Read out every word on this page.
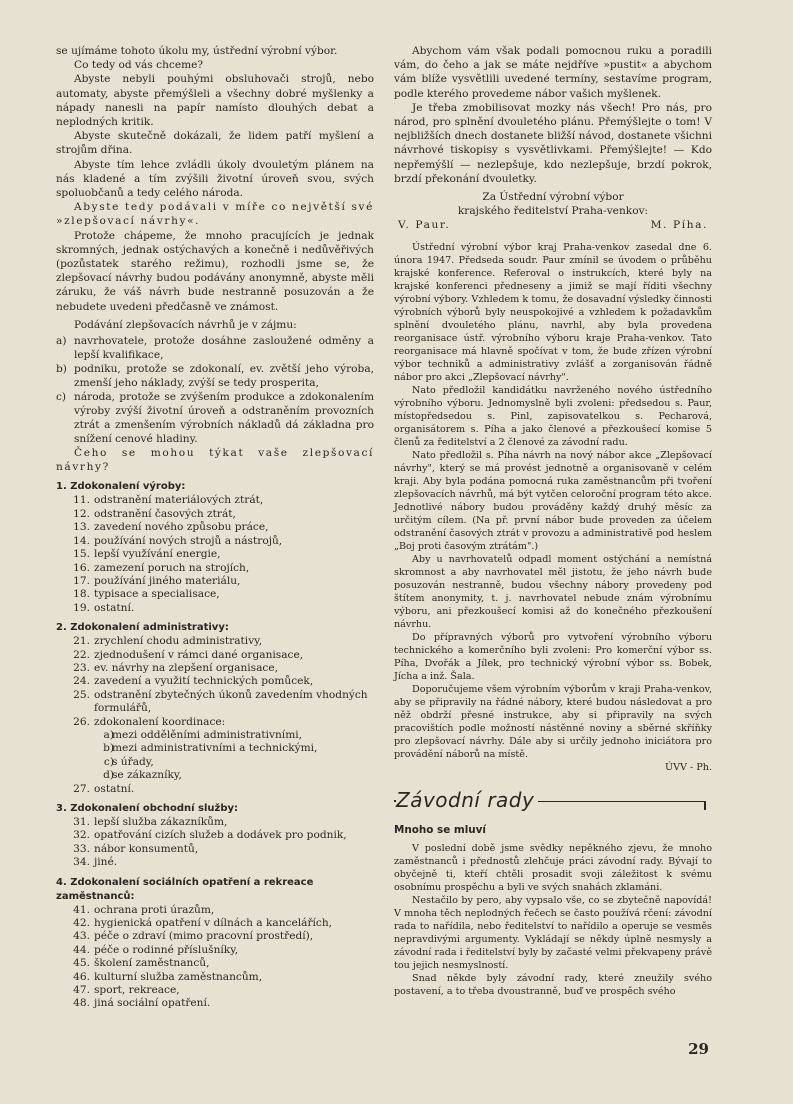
se ujímáme tohoto úkolu my, ústřední výrobní výbor.

Co tedy od vás chceme?

Abyste nebyli pouhými obsluhovači strojů, nebo automaty, abyste přemýšleli a všechny dobré myšlenky a nápady nanesli na papír namísto dlouhých debat a neplodných kritik.

Abyste skutečně dokázali, že lidem patří myšlení a strojům dřina.

Abyste tím lehce zvládli úkoly dvouletým plánem na nás kladené a tím zvýšili životní úroveň svou, svých spoluobčanů a tedy celého národa.

Abyste tedy podávali v míře co největší své »zlepšovací návrhy«.

Protože chápeme, že mnoho pracujících je jednak skromných, jednak ostýchavých a konečně i nedůvěřivých (pozůstatek starého režimu), rozhodli jsme se, že zlepšovací návrhy budou podávány anonymně, abyste měli záruku, že váš návrh bude nestranně posuzován a že nebudete uvedeni předčasně ve známost.

Podávání zlepšovacích návrhů je v zájmu:

a) navrhovatele, protože dosáhne zasloužené odměny a lepší kvalifikace,
b) podniku, protože se zdokonalí, ev. zvětší jeho výroba, zmenší jeho náklady, zvýší se tedy prosperita,
c) národa, protože se zvýšením produkce a zdokonalením výroby zvýší životní úroveň a odstraněním provozních ztrát a zmenšením výrobních nákladů dá základna pro snížení cenové hladiny.

Čeho se mohou týkat vaše zlepšovací návrhy?

1. Zdokonalení výroby:
11. odstranění materiálových ztrát,
12. odstranění časových ztrát,
13. zavedení nového způsobu práce,
14. používání nových strojů a nástrojů,
15. lepší využívání energie,
16. zamezení poruch na strojích,
17. používání jiného materiálu,
18. typisace a specialisace,
19. ostatní.
2. Zdokonalení administrativy:
21. zrychlení chodu administrativy,
22. zjednodušení v rámci dané organisace,
23. ev. návrhy na zlepšení organisace,
24. zavedení a využití technických pomůcek,
25. odstranění zbytečných úkonů zavedením vhodných formulářů,
26. zdokonalení koordinace:
a)
mezi oddělěními administrativními,
b)
mezi administrativními a technickými,
c)
s úřady,
d)
se zákazníky,
27. ostatní.
3. Zdokonalení obchodní služby:
31. lepší služba zákazníkům,
32. opatřování cizích služeb a dodávek pro podnik,
33. nábor konsumentů,
34. jiné.
4. Zdokonalení sociálních opatření a rekreace zaměstnanců:
41. ochrana proti úrazům,
42. hygienická opatření v dílnách a kancelářích,
43. péče o zdraví (mimo pracovní prostředí),
44. péče o rodinné příslušníky,
45. školení zaměstnanců,
46. kulturní služba zaměstnancům,
47. sport, rekreace,
48. jiná sociální opatření.

Abychom vám však podali pomocnou ruku a poradili vám, do čeho a jak se máte nejdříve »pustit« a abychom vám blíže vysvětlili uvedené termíny, sestavíme program, podle kterého provedeme nábor vašich myšlenek.

Je třeba zmobilisovat mozky nás všech! Pro nás, pro národ, pro splnění dvouletého plánu. Přemýšlejte o tom! V nejbližších dnech dostanete bližší návod, dostanete všichni návrhové tiskopisy s vysvětlivkami. Přemýšlejte! — Kdo nepřemýšlí — nezlepšuje, kdo nezlepšuje, brzdí pokrok, brzdí překonání dvouletky.

Za Ústřední výrobní výbor
krajského ředitelství Praha-venkov:
V. Paur.	M. Píha.

Ústřední výrobní výbor kraj Praha-venkov zasedal dne 6. února 1947. Předseda soudr. Paur zmínil se úvodem o průběhu krajské konference. Referoval o instrukcích, které byly na krajské konferenci předneseny a jimiž se mají říditi všechny výrobní výbory. Vzhledem k tomu, že dosavadní výsledky činnosti výrobních výborů byly neuspokojivé a vzhledem k požadavkům splnění dvouletého plánu, navrhl, aby byla provedena reorganisace ústř. výrobního výboru kraje Praha-venkov. Tato reorganisace má hlavně spočívat v tom, že bude zřízen výrobní výbor techniků a administrativy zvlášť a zorganisován řádně nábor pro akci „Zlepšovací návrhy".

Nato předložil kandidátku navrženého nového ústředního výrobního výboru. Jednomyslně byli zvoleni: předsedou s. Paur, místopředsedou s. Pinl, zapisovatelkou s. Pecharová, organisátorem s. Píha a jako členové a přezkoušecí komise 5 členů za ředitelství a 2 členové za závodní radu.

Nato předložil s. Píha návrh na nový nábor akce „Zlepšovací návrhy", který se má provést jednotně a organisovaně v celém kraji. Aby byla podána pomocná ruka zaměstnancům při tvoření zlepšovacích návrhů, má být vytčen celoroční program této akce. Jednotlivé nábory budou prováděny každý druhý měsíc za určitým cílem. (Na př. první nábor bude proveden za účelem odstranění časových ztrát v provozu a administrativě pod heslem „Boj proti časovým ztrátám".)

Aby u navrhovatelů odpadl moment ostýchání a nemístná skromnost a aby navrhovatel měl jistotu, že jeho návrh bude posuzován nestranně, budou všechny nábory provedeny pod štítem anonymity, t. j. navrhovatel nebude znám výrobnímu výboru, ani přezkoušecí komisi až do konečného přezkoušení návrhu.

Do přípravných výborů pro vytvoření výrobního výboru technického a komerčního byli zvoleni: Pro komerční výbor ss. Píha, Dvořák a Jílek, pro technický výrobní výbor ss. Bobek, Jícha a inž. Šala.

Doporučujeme všem výrobním výborům v kraji Praha-venkov, aby se připravily na řádné nábory, které budou následovat a pro něž obdrží přesné instrukce, aby si připravily na svých pracovištích podle možností nástěnné noviny a sběrné skříňky pro zlepšovací návrhy. Dále aby si určily jednoho iniciátora pro provádění náborů na místě.

ÚVV - Ph.

Závodní rady
Mnoho se mluví

V poslední době jsme svědky nepěkného zjevu, že mnoho zaměstnanců i přednostů zlehčuje práci závodní rady. Bývají to obyčejně ti, kteří chtěli prosadit svoji záležitost k svému osobnímu prospěchu a byli ve svých snahách zklamáni.

Nestačilo by pero, aby vypsalo vše, co se zbytečně napovídá! V mnoha těch neplodných řečech se často používá rčení: závodní rada to nařídila, nebo ředitelství to nařídilo a operuje se vesměs nepravdivými argumenty. Vykládají se někdy úplně nesmysly a závodní rada i ředitelství byly by začasté velmi překvapeny právě tou jejich nesmyslností.

Snad někde byly závodní rady, které zneužily svého postavení, a to třeba dvoustranně, buď ve prospěch svého

29
